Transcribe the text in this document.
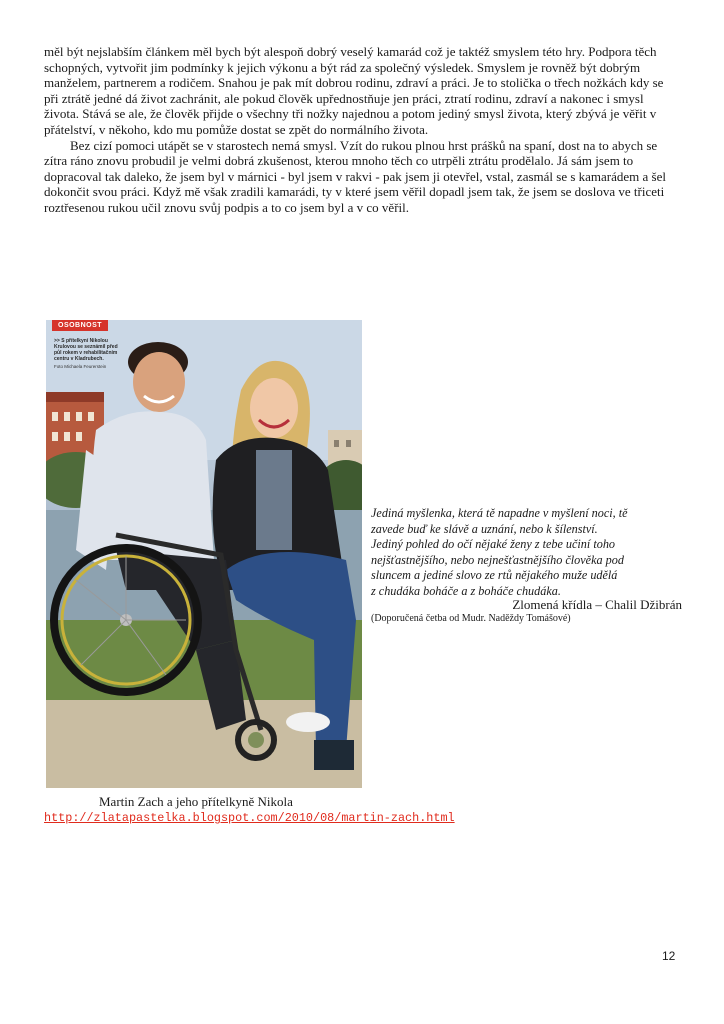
měl být nejslabším článkem měl bych být alespoň dobrý veselý kamarád což je taktéž smyslem této hry. Podpora těch schopných, vytvořit jim podmínky k jejich výkonu a být rád za společný výsledek. Smyslem je rovněž být dobrým manželem, partnerem a rodičem. Snahou je pak mít dobrou rodinu, zdraví a práci. Je to stolička o třech nožkách kdy se při ztrátě jedné dá život zachránit, ale pokud člověk upřednostňuje jen práci, ztratí rodinu, zdraví a nakonec i smysl života. Stává se ale, že člověk přijde o všechny tři nožky najednou a potom jediný smysl života, který zbývá je věřit v přátelství, v někoho, kdo mu pomůže dostat se zpět do normálního života.

Bez cizí pomoci utápět se v starostech nemá smysl. Vzít do rukou plnou hrst prášků na spaní, dost na to abych se zítra ráno znovu probudil je velmi dobrá zkušenost, kterou mnoho těch co utrpěli ztrátu prodělalo. Já sám jsem to dopracoval tak daleko, že jsem byl v márnici - byl jsem v rakvi - pak jsem ji otevřel, vstal, zasmál se s kamarádem a šel dokončit svou práci. Když mě však zradili kamarádi, ty v které jsem věřil dopadl jsem tak, že jsem se doslova ve třiceti roztřesenou rukou učil znovu svůj podpis a to co jsem byl a v co věřil.

OSOBNOST
>> S přítelkyní Nikolou Krulovou se seznámil před půl rokem v rehabilitačním centru v Kladrubech.
Foto Michaela Feurerstein
Jediná myšlenka, která tě napadne v myšlení noci, tě
zavede buď ke slávě a uznání, nebo k šílenství.
Jediný pohled do očí nějaké ženy z tebe učiní toho
nejšťastnějšího, nebo nejnešťastnějšího člověka pod
sluncem a jediné slovo ze rtů nějakého muže udělá
z chudáka boháče a z boháče chudáka.
Zlomená křídla – Chalil Džibrán
(Doporučená četba od Mudr. Naděždy Tomášové)
Martin Zach a jeho přítelkyně Nikola
http://zlatapastelka.blogspot.com/2010/08/martin-zach.html
12
